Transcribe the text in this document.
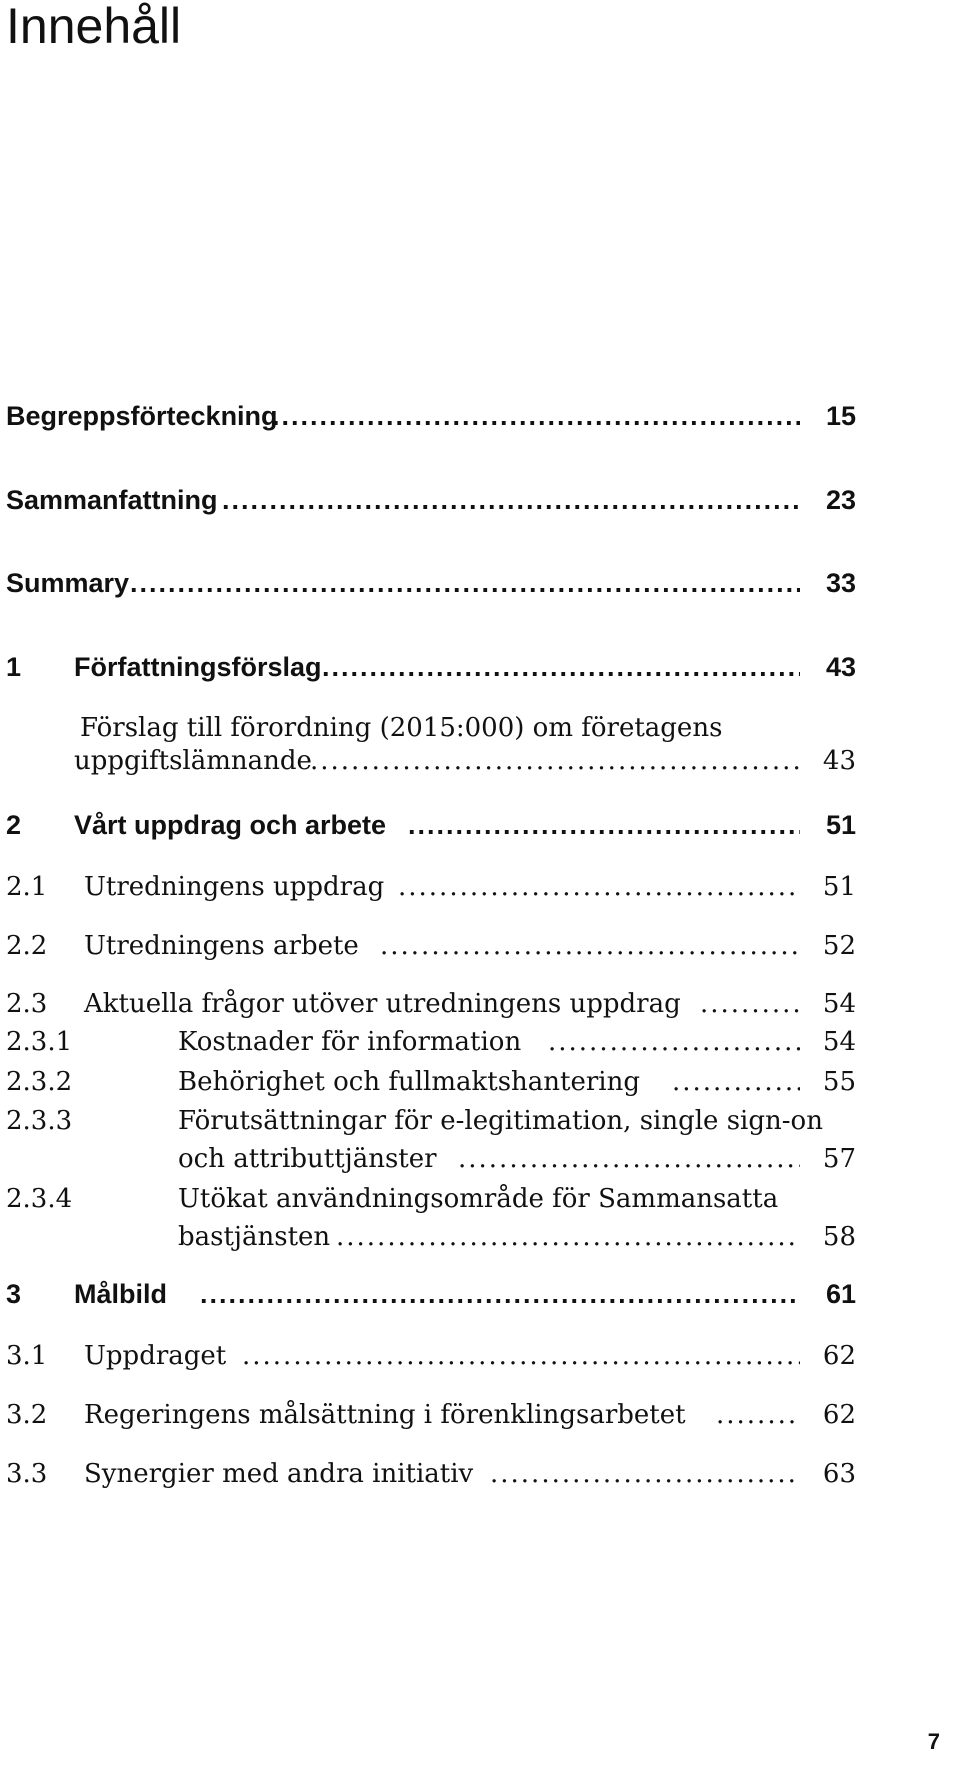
Innehåll
Begreppsförteckning .....	15
Sammanfattning .....	23
Summary .....	33
1 Författningsförslag .....	43
Förslag till förordning (2015:000) om företagens
uppgiftslämnande .....	43
2 Vårt uppdrag och arbete .....	51
2.1 Utredningens uppdrag .....	51
2.2 Utredningens arbete .....	52
2.3 Aktuella frågor utöver utredningens uppdrag .....	54
2.3.1	Kostnader för information .....	54
2.3.2	Behörighet och fullmaktshantering .....	55
2.3.3	Förutsättningar för e-legitimation, single sign-on
och attributtjänster .....	57
2.3.4	Utökat användningsområde för Sammansatta
bastjänsten .....	58
3 Målbild .....	61
3.1 Uppdraget .....	62
3.2 Regeringens målsättning i förenklingsarbetet .....	62
3.3 Synergier med andra initiativ .....	63
7
